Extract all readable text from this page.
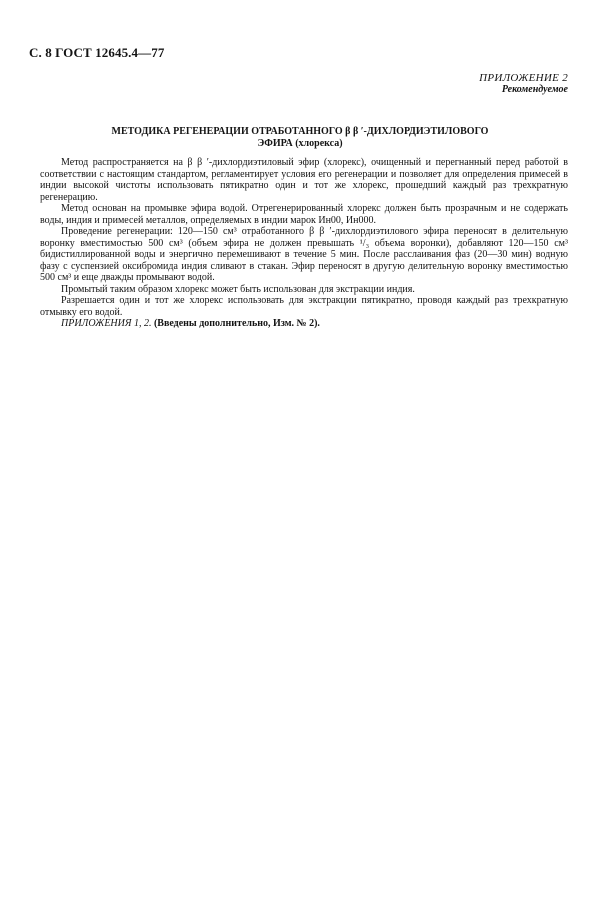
С. 8 ГОСТ 12645.4—77
ПРИЛОЖЕНИЕ 2
Рекомендуемое
МЕТОДИКА РЕГЕНЕРАЦИИ ОТРАБОТАННОГО β β ′-ДИХЛОРДИЭТИЛОВОГО
ЭФИРА (хлорекса)

Метод распространяется на β β ′-дихлордиэтиловый эфир (хлорекс), очищенный и перегнанный перед работой в соответствии с настоящим стандартом, регламентирует условия его регенерации и позволяет для определения примесей в индии высокой чистоты использовать пятикратно один и тот же хлорекс, прошедший каждый раз трехкратную регенерацию.

Метод основан на промывке эфира водой. Отрегенерированный хлорекс должен быть прозрачным и не содержать воды, индия и примесей металлов, определяемых в индии марок Ин00, Ин000.

Проведение регенерации: 120—150 см³ отработанного β β ′-дихлордиэтилового эфира переносят в делительную воронку вместимостью 500 см³ (объем эфира не должен превышать ¹/₃ объема воронки), добавляют 120—150 см³ бидистиллированной воды и энергично перемешивают в течение 5 мин. После расслаивания фаз (20—30 мин) водную фазу с суспензией оксибромида индия сливают в стакан. Эфир переносят в другую делительную воронку вместимостью 500 см³ и еще дважды промывают водой.

Промытый таким образом хлорекс может быть использован для экстракции индия.

Разрешается один и тот же хлорекс использовать для экстракции пятикратно, проводя каждый раз трехкратную отмывку его водой.

ПРИЛОЖЕНИЯ 1, 2. (Введены дополнительно, Изм. № 2).
